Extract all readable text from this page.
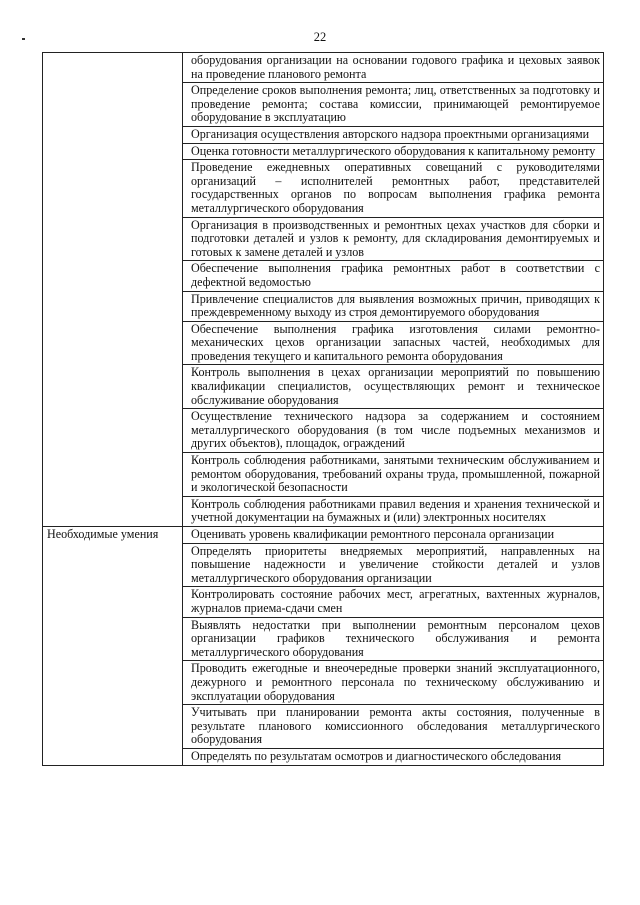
22
	оборудования организации на основании годового графика и цеховых заявок на проведение планового ремонта
	Определение сроков выполнения ремонта; лиц, ответственных за подготовку и проведение ремонта; состава комиссии, принимающей ремонтируемое оборудование в эксплуатацию
	Организация осуществления авторского надзора проектными организациями
	Оценка готовности металлургического оборудования к капитальному ремонту
	Проведение ежедневных оперативных совещаний с руководителями организаций – исполнителей ремонтных работ, представителей государственных органов по вопросам выполнения графика ремонта металлургического оборудования
	Организация в производственных и ремонтных цехах участков для сборки и подготовки деталей и узлов к ремонту, для складирования демонтируемых и готовых к замене деталей и узлов
	Обеспечение выполнения графика ремонтных работ в соответствии с дефектной ведомостью
	Привлечение специалистов для выявления возможных причин, приводящих к преждевременному выходу из строя демонтируемого оборудования
	Обеспечение выполнения графика изготовления силами ремонтно-механических цехов организации запасных частей, необходимых для проведения текущего и капитального ремонта оборудования
	Контроль выполнения в цехах организации мероприятий по повышению квалификации специалистов, осуществляющих ремонт и техническое обслуживание оборудования
	Осуществление технического надзора за содержанием и состоянием металлургического оборудования (в том числе подъемных механизмов и других объектов), площадок, ограждений
	Контроль соблюдения работниками, занятыми техническим обслуживанием и ремонтом оборудования, требований охраны труда, промышленной, пожарной и экологической безопасности
	Контроль соблюдения работниками правил ведения и хранения технической и учетной документации на бумажных и (или) электронных носителях
Необходимые умения	Оценивать уровень квалификации ремонтного персонала организации
	Определять приоритеты внедряемых мероприятий, направленных на повышение надежности и увеличение стойкости деталей и узлов металлургического оборудования организации
	Контролировать состояние рабочих мест, агрегатных, вахтенных журналов, журналов приема-сдачи смен
	Выявлять недостатки при выполнении ремонтным персоналом цехов организации графиков технического обслуживания и ремонта металлургического оборудования
	Проводить ежегодные и внеочередные проверки знаний эксплуатационного, дежурного и ремонтного персонала по техническому обслуживанию и эксплуатации оборудования
	Учитывать при планировании ремонта акты состояния, полученные в результате планового комиссионного обследования металлургического оборудования
	Определять по результатам осмотров и диагностического обследования
